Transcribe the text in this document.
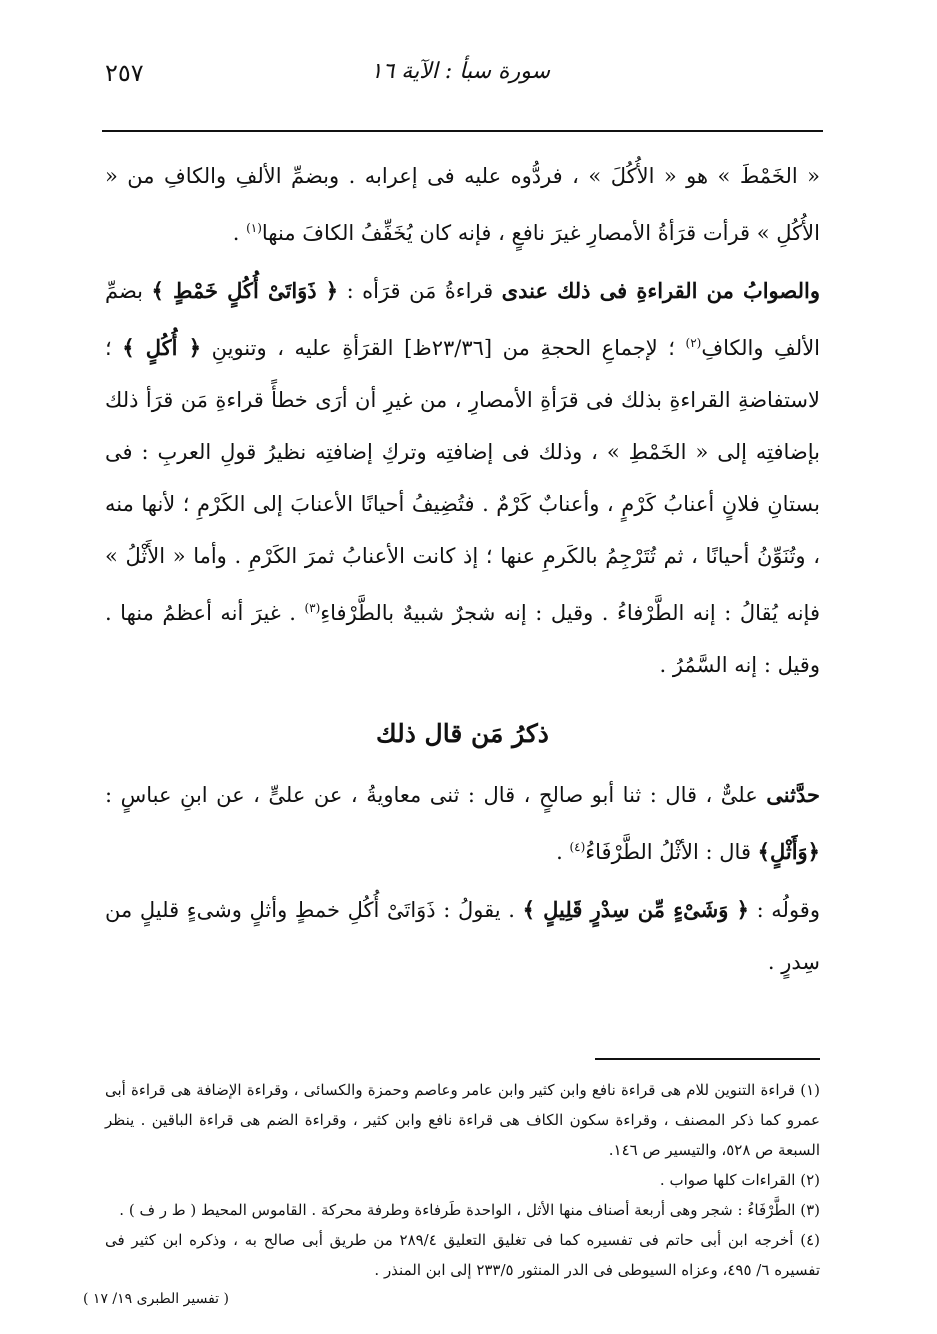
سورة سبأ : الآية ١٦
٢٥٧

« الخَمْطَ » هو « الأُكُلَ » ، فردُّوه عليه فى إعرابه . وبضمِّ الألفِ والكافِ من « الأُكُلِ » قرأت قرَأةُ الأمصارِ غيرَ نافعٍ ، فإنه كان يُخَفِّفُ الكافَ منها$^{(١)}$ .

والصوابُ من القراءةِ فى ذلك عندى قراءةُ مَن قرَأه : ﴿ ذَوَاتَىْ أُكُلٍ خَمْطٍ ﴾ بضمِّ الألفِ والكافِ$^{(٢)}$ ؛ لإجماعِ الحجةِ من [٢٣/٣٦ظ] القرَأةِ عليه ، وتنوينِ ﴿ أُكُلٍ ﴾ ؛ لاستفاضةِ القراءةِ بذلك فى قرَأةِ الأمصارِ ، من غيرِ أن أرَى خطأً قراءةِ مَن قرَأ ذلك بإضافتِه إلى « الخَمْطِ » ، وذلك فى إضافتِه وتركِ إضافتِه نظيرُ قولِ العربِ : فى بستانِ فلانٍ أعنابُ كَرْمٍ ، وأعنابٌ كَرْمٌ . فتُضِيفُ أحيانًا الأعنابَ إلى الكَرْمِ ؛ لأنها منه ، وتُنَوِّنُ أحيانًا ، ثم تُتَرْجِمُ بالكَرمِ عنها ؛ إذ كانت الأعنابُ ثمرَ الكَرْمِ . وأما « الأَثْلُ » فإنه يُقالُ : إنه الطَّرْفاءُ . وقيل : إنه شجرٌ شبيهٌ بالطَّرْفاءِ$^{(٣)}$ . غيرَ أنه أعظمُ منها . وقيل : إنه السَّمُرُ .

ذكرُ مَن قال ذلك

حدَّثنى علىٌّ ، قال : ثنا أبو صالحٍ ، قال : ثنى معاويةُ ، عن علىٍّ ، عن ابنِ عباسٍ : ﴿وَأَثْلٍ﴾ قال : الأثْلُ الطَّرْفَاءُ$^{(٤)}$ .

وقولُه : ﴿ وَشَىْءٍ مِّن سِدْرٍ قَلِيلٍ ﴾ . يقولُ : ذَوَاتَىْ أُكُلِ خمطٍ وأثلٍ وشىءٍ قليلٍ من سِدرٍ .

(١) قراءة التنوين للام هى قراءة نافع وابن كثير وابن عامر وعاصم وحمزة والكسائى ، وقراءة الإضافة هى قراءة أبى عمرو كما ذكر المصنف ، وقراءة سكون الكاف هى قراءة نافع وابن كثير ، وقراءة الضم هى قراءة الباقين . ينظر السبعة ص ٥٢٨، والتيسير ص ١٤٦.
(٢) القراءات كلها صواب .
(٣) الطَّرْفَاءُ : شجر وهى أربعة أصناف منها الأثل ، الواحدة طَرفاءة وطرفة محركة . القاموس المحيط ( ط ر ف ) .
(٤) أخرجه ابن أبى حاتم فى تفسيره كما فى تغليق التعليق ٢٨٩/٤ من طريق أبى صالح به ، وذكره ابن كثير فى تفسيره ٦/ ٤٩٥، وعزاه السيوطى فى الدر المنثور ٢٣٣/٥ إلى ابن المنذر .
( تفسير الطبرى ١٩/ ١٧ )
